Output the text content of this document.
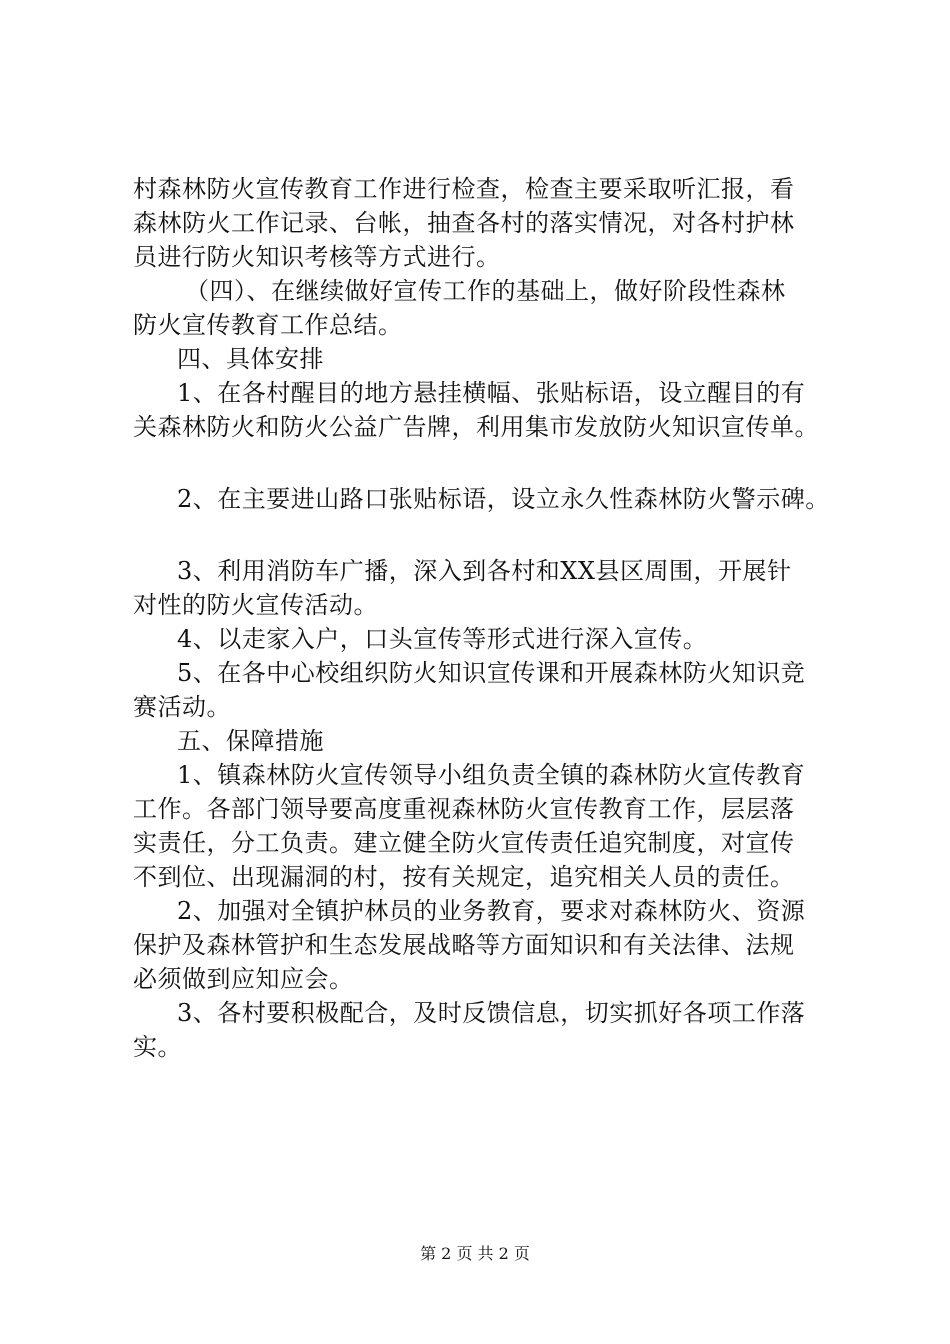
村森林防火宣传教育工作进行检查，检查主要采取听汇报，看
森林防火工作记录、台帐，抽查各村的落实情况，对各村护林
员进行防火知识考核等方式进行。
（四）、在继续做好宣传工作的基础上，做好阶段性森林
防火宣传教育工作总结。
四、具体安排
1、在各村醒目的地方悬挂横幅、张贴标语，设立醒目的有
关森林防火和防火公益广告牌，利用集市发放防火知识宣传单。
2、在主要进山路口张贴标语，设立永久性森林防火警示碑。
3、利用消防车广播，深入到各村和XX县区周围，开展针
对性的防火宣传活动。
4、以走家入户，口头宣传等形式进行深入宣传。
5、在各中心校组织防火知识宣传课和开展森林防火知识竞
赛活动。
五、保障措施
1、镇森林防火宣传领导小组负责全镇的森林防火宣传教育
工作。各部门领导要高度重视森林防火宣传教育工作，层层落
实责任，分工负责。建立健全防火宣传责任追究制度，对宣传
不到位、出现漏洞的村，按有关规定，追究相关人员的责任。
2、加强对全镇护林员的业务教育，要求对森林防火、资源
保护及森林管护和生态发展战略等方面知识和有关法律、法规
必须做到应知应会。
3、各村要积极配合，及时反馈信息，切实抓好各项工作落
实。
第 2 页 共 2 页
